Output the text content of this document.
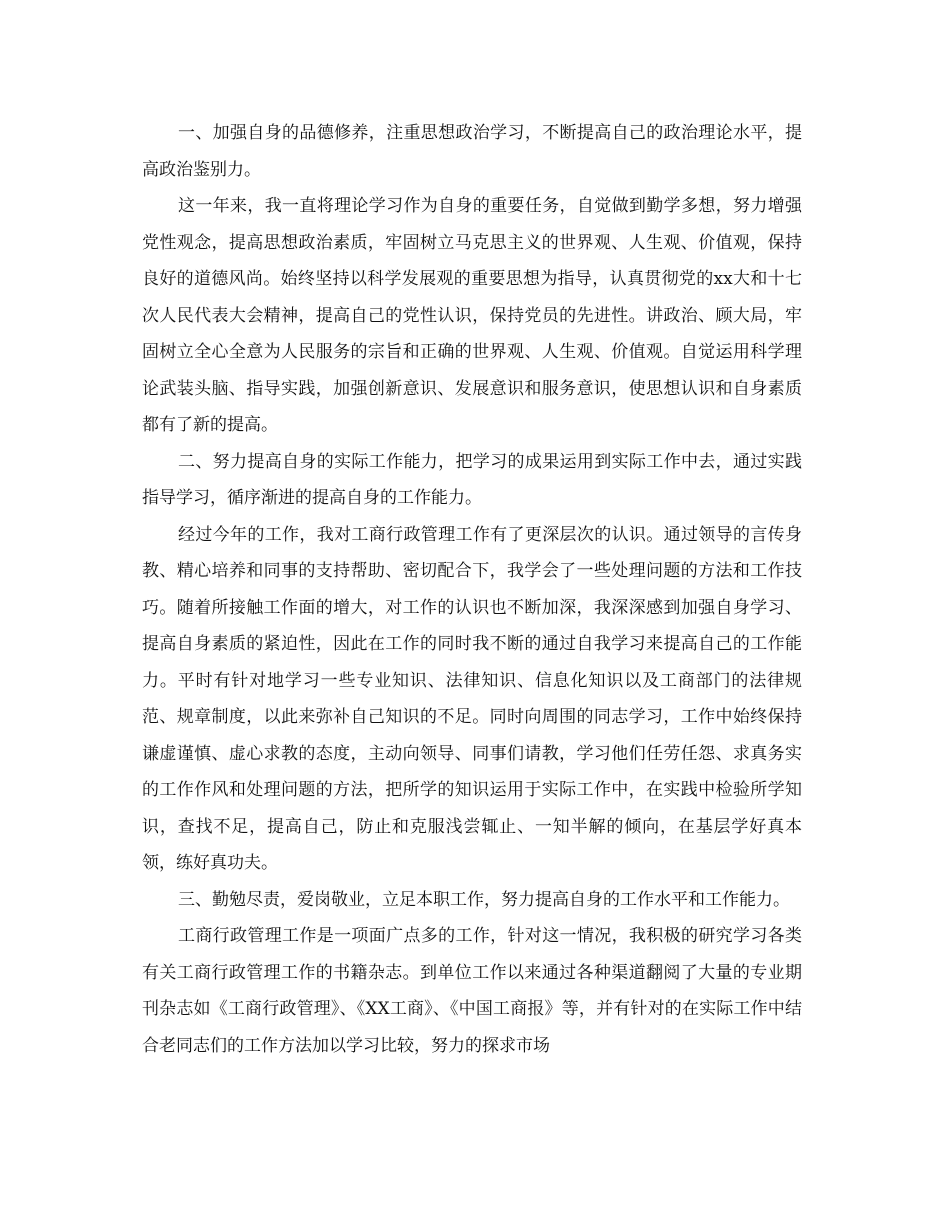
一、加强自身的品德修养，注重思想政治学习，不断提高自己的政治理论水平，提高政治鉴别力。

这一年来，我一直将理论学习作为自身的重要任务，自觉做到勤学多想，努力增强党性观念，提高思想政治素质，牢固树立马克思主义的世界观、人生观、价值观，保持良好的道德风尚。始终坚持以科学发展观的重要思想为指导，认真贯彻党的xx大和十七次人民代表大会精神，提高自己的党性认识，保持党员的先进性。讲政治、顾大局，牢固树立全心全意为人民服务的宗旨和正确的世界观、人生观、价值观。自觉运用科学理论武装头脑、指导实践，加强创新意识、发展意识和服务意识，使思想认识和自身素质都有了新的提高。

二、努力提高自身的实际工作能力，把学习的成果运用到实际工作中去，通过实践指导学习，循序渐进的提高自身的工作能力。

经过今年的工作，我对工商行政管理工作有了更深层次的认识。通过领导的言传身教、精心培养和同事的支持帮助、密切配合下，我学会了一些处理问题的方法和工作技巧。随着所接触工作面的增大，对工作的认识也不断加深，我深深感到加强自身学习、提高自身素质的紧迫性，因此在工作的同时我不断的通过自我学习来提高自己的工作能力。平时有针对地学习一些专业知识、法律知识、信息化知识以及工商部门的法律规范、规章制度，以此来弥补自己知识的不足。同时向周围的同志学习，工作中始终保持谦虚谨慎、虚心求教的态度，主动向领导、同事们请教，学习他们任劳任怨、求真务实的工作作风和处理问题的方法，把所学的知识运用于实际工作中，在实践中检验所学知识，查找不足，提高自己，防止和克服浅尝辄止、一知半解的倾向，在基层学好真本领，练好真功夫。

三、勤勉尽责，爱岗敬业，立足本职工作，努力提高自身的工作水平和工作能力。

工商行政管理工作是一项面广点多的工作，针对这一情况，我积极的研究学习各类有关工商行政管理工作的书籍杂志。到单位工作以来通过各种渠道翻阅了大量的专业期刊杂志如《工商行政管理》、《XX工商》、《中国工商报》等，并有针对的在实际工作中结合老同志们的工作方法加以学习比较，努力的探求市场
